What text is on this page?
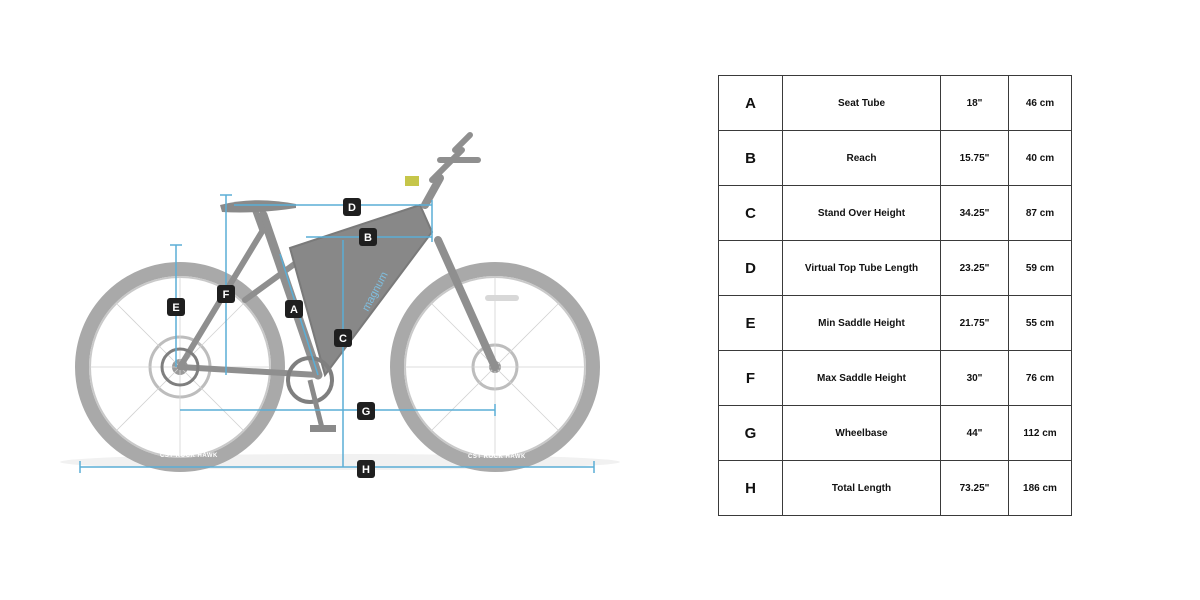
CST ROCK HAWK	CST ROCK HAWK
magnum
D
B
F
E	A
C
G
H
A	Seat Tube	18"	46 cm
B	Reach	15.75"	40 cm
C	Stand Over Height	34.25"	87 cm
D	Virtual Top Tube Length	23.25"	59 cm
E	Min Saddle Height	21.75"	55 cm
F	Max Saddle Height	30"	76 cm
G	Wheelbase	44"	112 cm
H	Total Length	73.25"	186 cm
